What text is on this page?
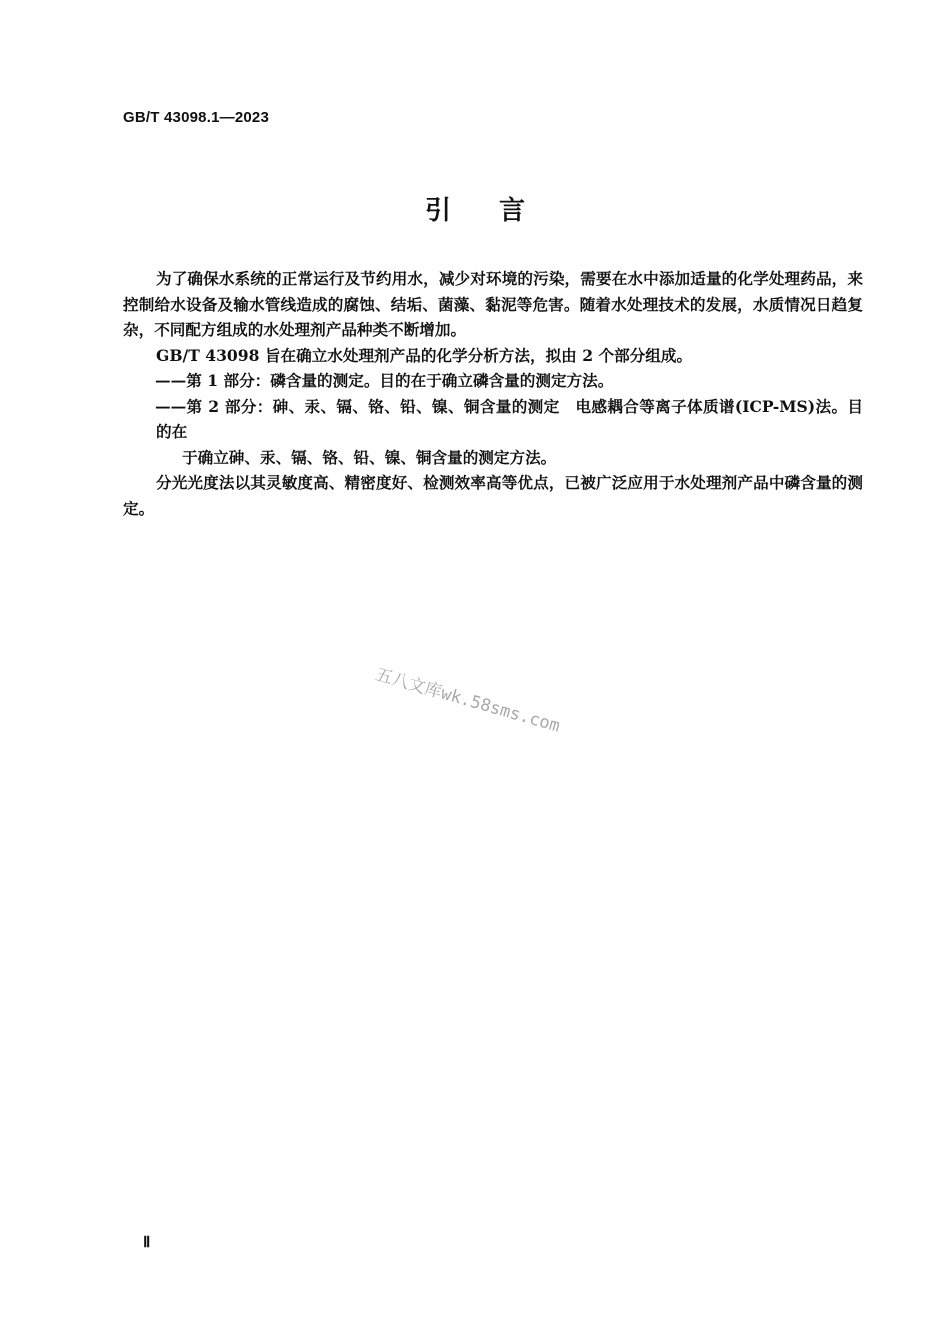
GB/T 43098.1—2023
引言

为了确保水系统的正常运行及节约用水，减少对环境的污染，需要在水中添加适量的化学处理药品，来控制给水设备及输水管线造成的腐蚀、结垢、菌藻、黏泥等危害。随着水处理技术的发展，水质情况日趋复杂，不同配方组成的水处理剂产品种类不断增加。

GB/T 43098 旨在确立水处理剂产品的化学分析方法，拟由 2 个部分组成。

——第 1 部分：磷含量的测定。目的在于确立磷含量的测定方法。

——第 2 部分：砷、汞、镉、铬、铅、镍、铜含量的测定　电感耦合等离子体质谱(ICP-MS)法。目的在
于确立砷、汞、镉、铬、铅、镍、铜含量的测定方法。

分光光度法以其灵敏度高、精密度好、检测效率高等优点，已被广泛应用于水处理剂产品中磷含量的测定。

五八文库wk.58sms.com
Ⅱ
